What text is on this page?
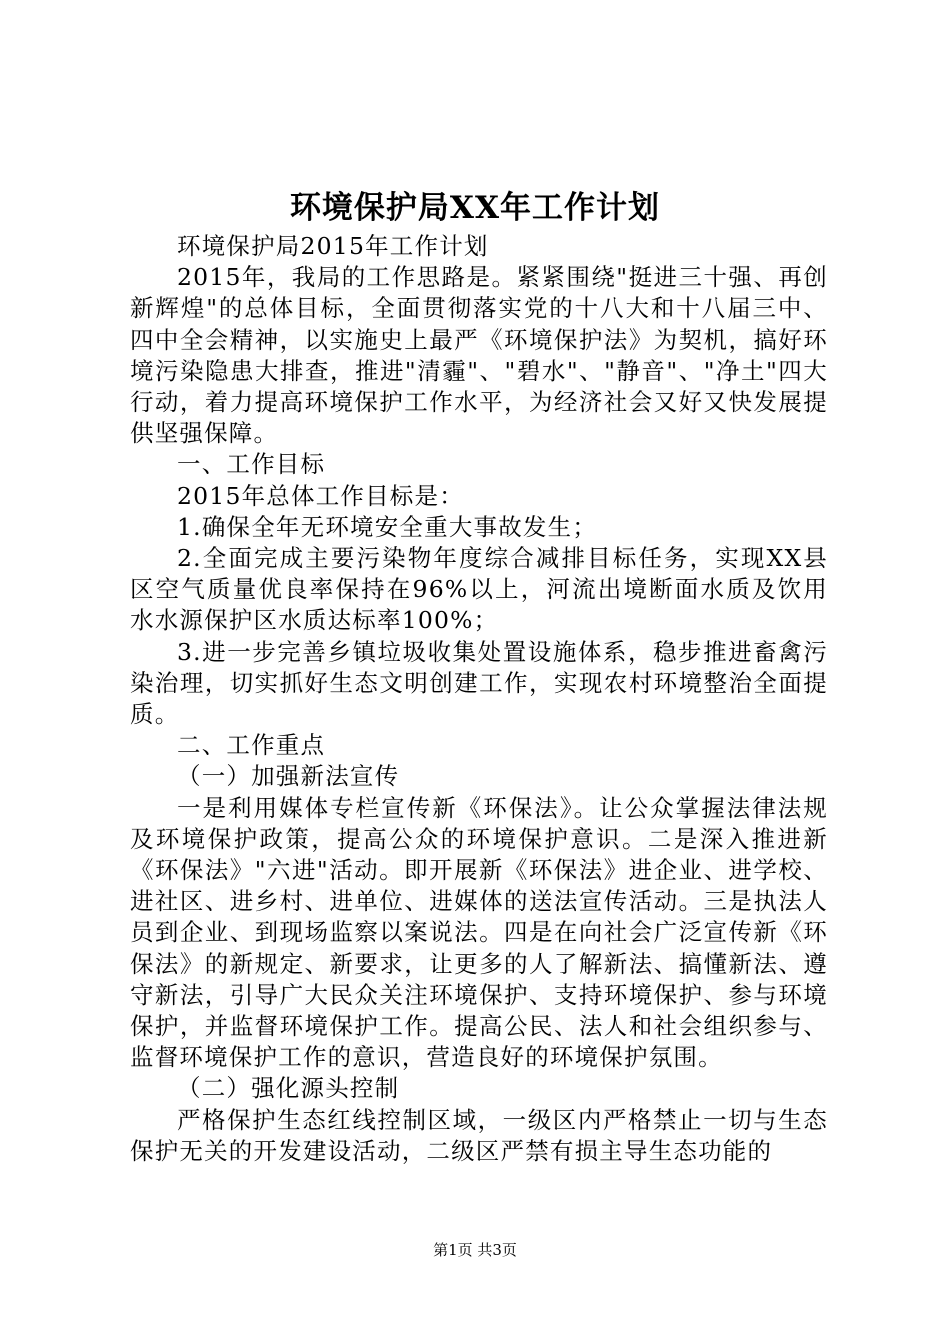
环境保护局XX年工作计划

环境保护局2015年工作计划

2015年，我局的工作思路是。紧紧围绕"挺进三十强、再创新辉煌"的总体目标，全面贯彻落实党的十八大和十八届三中、四中全会精神，以实施史上最严《环境保护法》为契机，搞好环境污染隐患大排查，推进"清霾"、"碧水"、"静音"、"净土"四大行动，着力提高环境保护工作水平，为经济社会又好又快发展提供坚强保障。

一、工作目标

2015年总体工作目标是：

1.确保全年无环境安全重大事故发生；

2.全面完成主要污染物年度综合减排目标任务，实现XX县区空气质量优良率保持在96%以上，河流出境断面水质及饮用水水源保护区水质达标率100%；

3.进一步完善乡镇垃圾收集处置设施体系，稳步推进畜禽污染治理，切实抓好生态文明创建工作，实现农村环境整治全面提质。

二、工作重点

（一）加强新法宣传

一是利用媒体专栏宣传新《环保法》。让公众掌握法律法规及环境保护政策，提高公众的环境保护意识。二是深入推进新《环保法》"六进"活动。即开展新《环保法》进企业、进学校、进社区、进乡村、进单位、进媒体的送法宣传活动。三是执法人员到企业、到现场监察以案说法。四是在向社会广泛宣传新《环保法》的新规定、新要求，让更多的人了解新法、搞懂新法、遵守新法，引导广大民众关注环境保护、支持环境保护、参与环境保护，并监督环境保护工作。提高公民、法人和社会组织参与、监督环境保护工作的意识，营造良好的环境保护氛围。

（二）强化源头控制

严格保护生态红线控制区域，一级区内严格禁止一切与生态保护无关的开发建设活动，二级区严禁有损主导生态功能的

第1页 共3页
